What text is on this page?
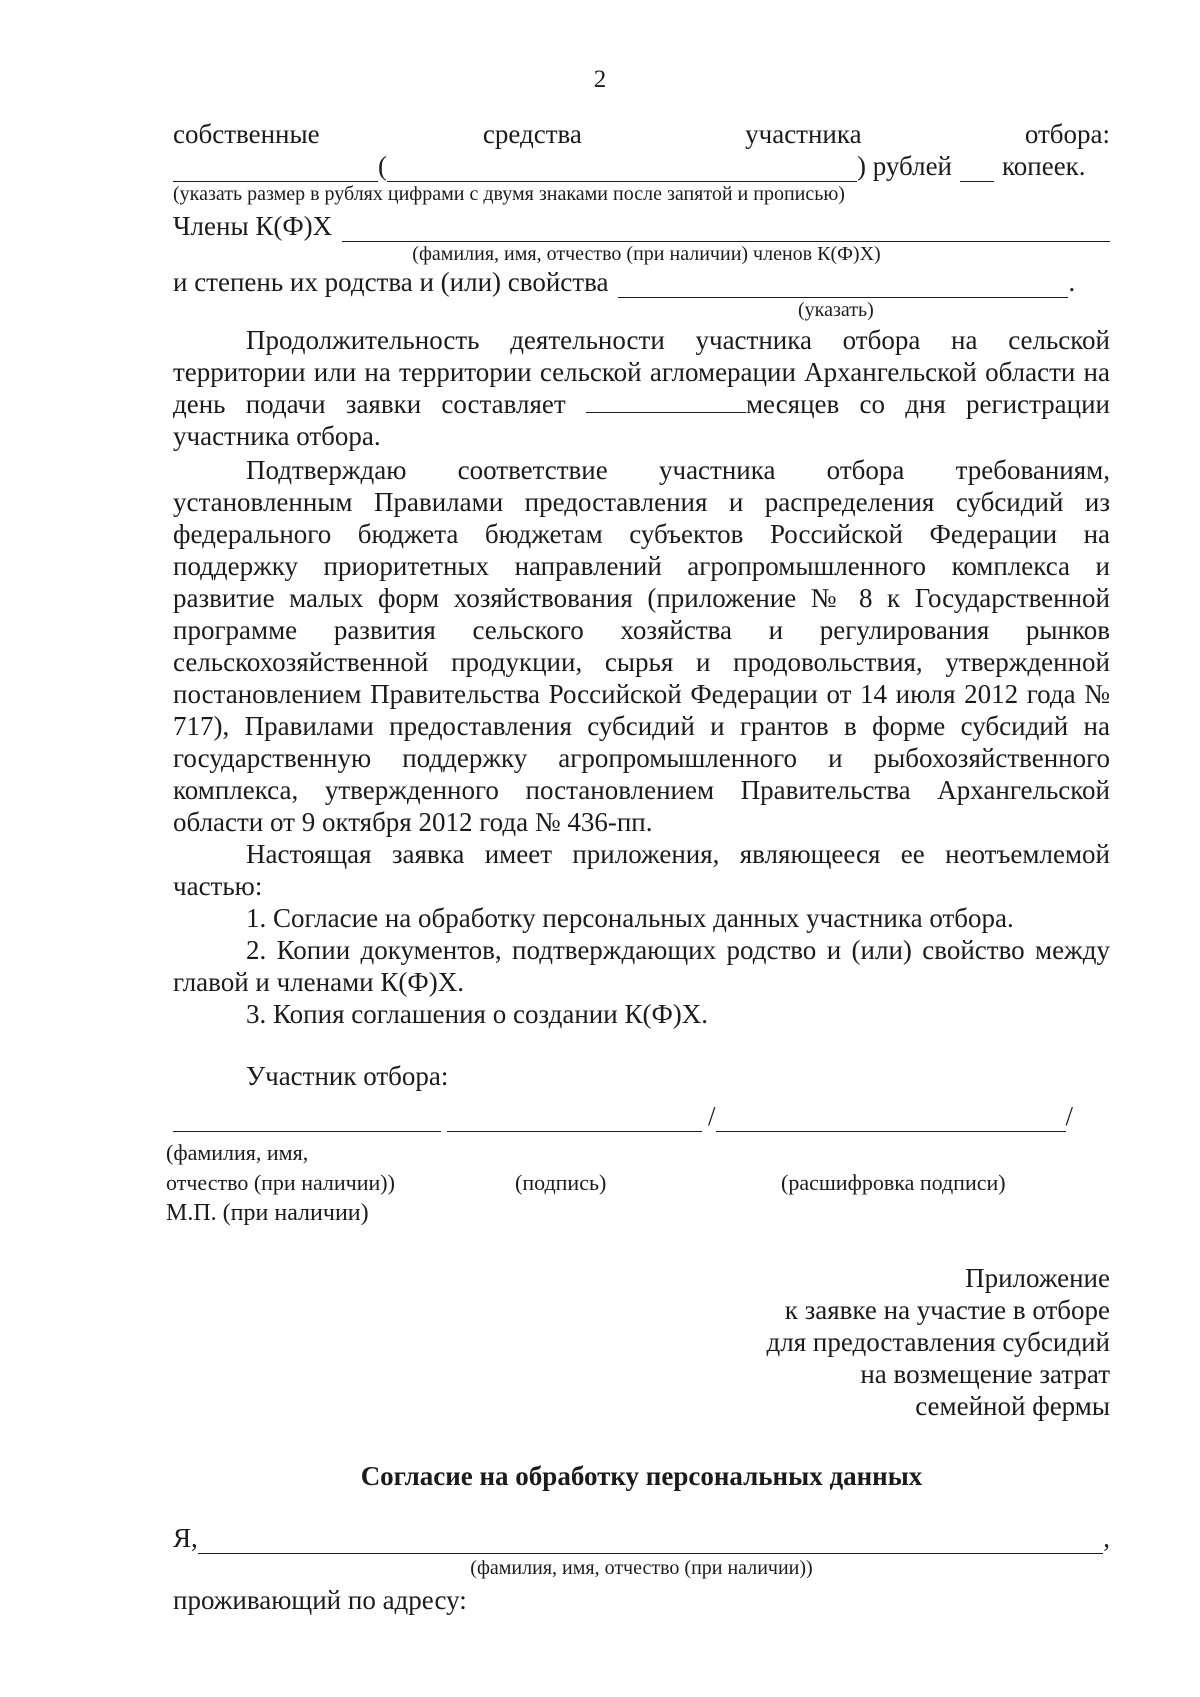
2
собственные	средства	участника	отбора:
(	) рублей копеек.
(указать размер в рублях цифрами с двумя знаками после запятой и прописью)
Члены К(Ф)Х
(фамилия, имя, отчество (при наличии) членов К(Ф)Х)
и степень их родства и (или) свойства	.
(указать)
Продолжительность деятельности участника отбора на сельской территории или на территории сельской агломерации Архангельской области на день подачи заявки составляет	месяцев со дня регистрации участника отбора.
Подтверждаю соответствие участника отбора требованиям, установленным Правилами предоставления и распределения субсидий из федерального бюджета бюджетам субъектов Российской Федерации на поддержку приоритетных направлений агропромышленного комплекса и развитие малых форм хозяйствования (приложение № 8 к Государственной программе развития сельского хозяйства и регулирования рынков сельскохозяйственной продукции, сырья и продовольствия, утвержденной постановлением Правительства Российской Федерации от 14 июля 2012 года № 717), Правилами предоставления субсидий и грантов в форме субсидий на государственную поддержку агропромышленного и рыбохозяйственного комплекса, утвержденного постановлением Правительства Архангельской области от 9 октября 2012 года № 436-пп.
Настоящая заявка имеет приложения, являющееся ее неотъемлемой частью:
1. Согласие на обработку персональных данных участника отбора.
2. Копии документов, подтверждающих родство и (или) свойство между главой и членами К(Ф)Х.
3. Копия соглашения о создании К(Ф)Х.
Участник отбора:
/	/
(фамилия, имя,
отчество (при наличии))	(подпись)	(расшифровка подписи)
М.П. (при наличии)
Приложение
к заявке на участие в отборе
для предоставления субсидий
на возмещение затрат
семейной фермы
Согласие на обработку персональных данных
Я,	,
(фамилия, имя, отчество (при наличии))
проживающий по адресу:
